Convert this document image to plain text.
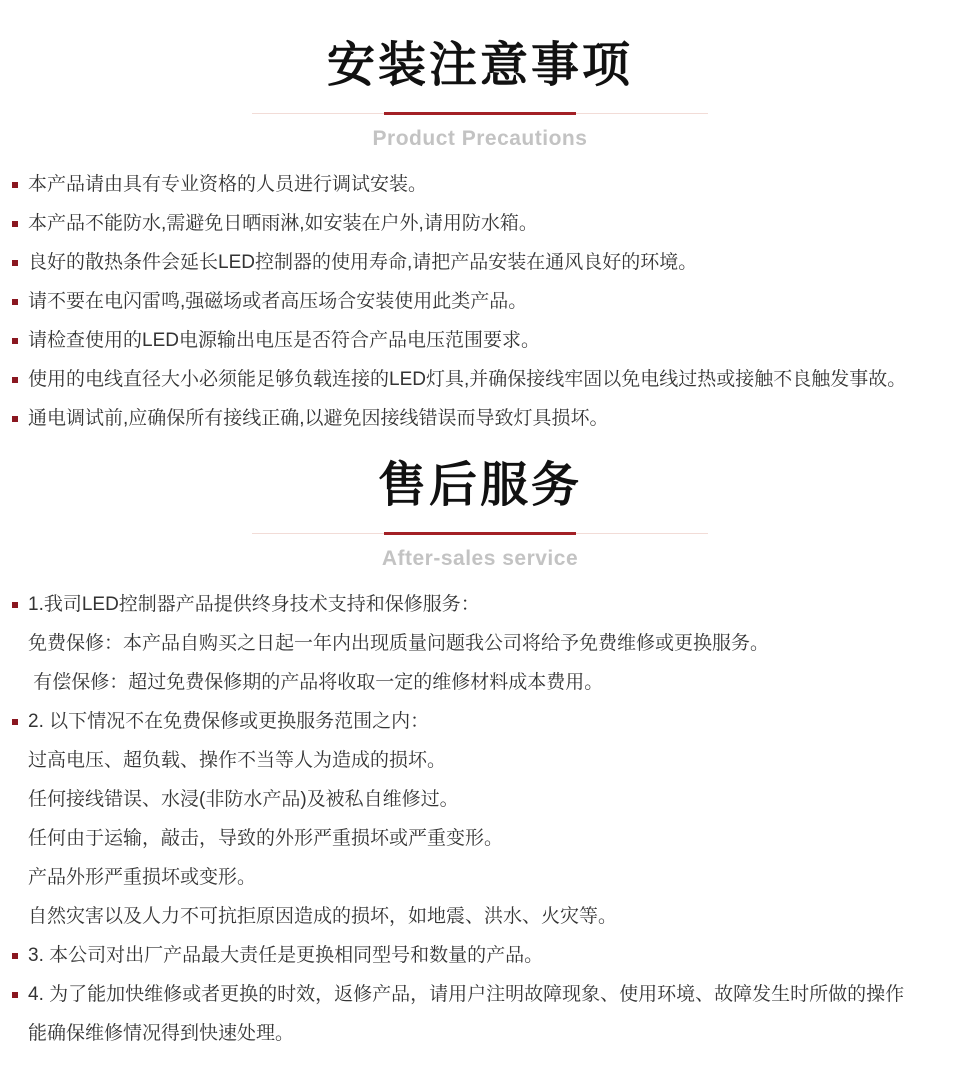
安装注意事项
Product Precautions
本产品请由具有专业资格的人员进行调试安装。
本产品不能防水,需避免日晒雨淋,如安装在户外,请用防水箱。
良好的散热条件会延长LED控制器的使用寿命,请把产品安装在通风良好的环境。
请不要在电闪雷鸣,强磁场或者高压场合安装使用此类产品。
请检查使用的LED电源输出电压是否符合产品电压范围要求。
使用的电线直径大小必须能足够负载连接的LED灯具,并确保接线牢固以免电线过热或接触不良触发事故。
通电调试前,应确保所有接线正确,以避免因接线错误而导致灯具损坏。
售后服务
After-sales service
1.我司LED控制器产品提供终身技术支持和保修服务：
免费保修：本产品自购买之日起一年内出现质量问题我公司将给予免费维修或更换服务。
有偿保修：超过免费保修期的产品将收取一定的维修材料成本费用。
2. 以下情况不在免费保修或更换服务范围之内：
过高电压、超负载、操作不当等人为造成的损坏。
任何接线错误、水浸(非防水产品)及被私自维修过。
任何由于运输，敲击，导致的外形严重损坏或严重变形。
产品外形严重损坏或变形。
自然灾害以及人力不可抗拒原因造成的损坏，如地震、洪水、火灾等。
3. 本公司对出厂产品最大责任是更换相同型号和数量的产品。
4. 为了能加快维修或者更换的时效，返修产品，请用户注明故障现象、使用环境、故障发生时所做的操作
能确保维修情况得到快速处理。
